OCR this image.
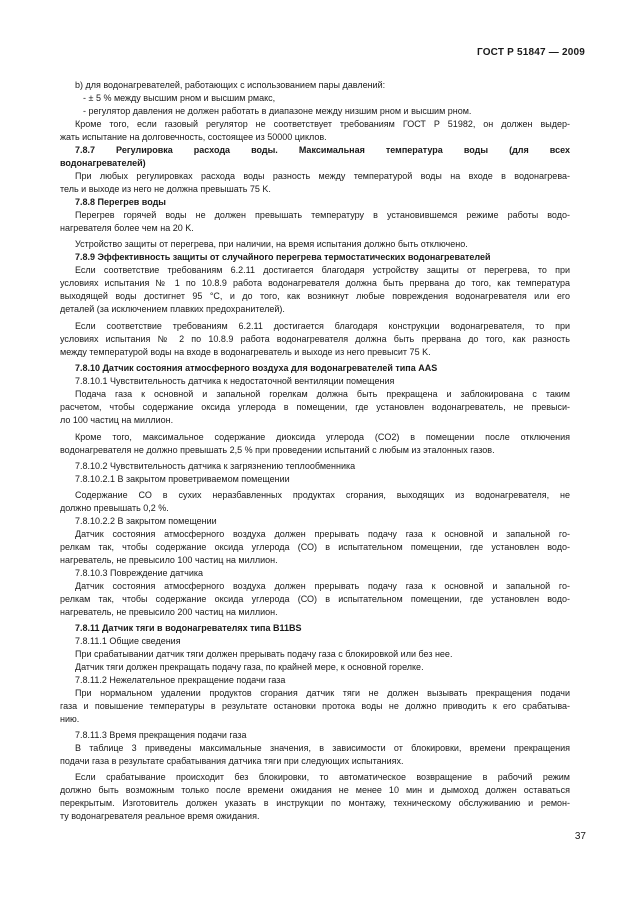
ГОСТ Р 51847 — 2009
b) для водонагревателей, работающих с использованием пары давлений:
- ± 5 % между высшим pном и высшим pмакс,
- регулятор давления не должен работать в диапазоне между низшим pном и высшим pном.
Кроме того, если газовый регулятор не соответствует требованиям ГОСТ Р 51982, он должен выдер-
жать испытание на долговечность, состоящее из 50000 циклов.
7.8.7 Регулировка расхода воды. Максимальная температура воды (для всех
водонагревателей)
При любых регулировках расхода воды разность между температурой воды на входе в водонагрева-
тель и выходе из него не должна превышать 75 K.
7.8.8 Перегрев воды
Перегрев горячей воды не должен превышать температуру в установившемся режиме работы водо-
нагревателя более чем на 20 K.
Устройство защиты от перегрева, при наличии, на время испытания должно быть отключено.
7.8.9 Эффективность защиты от случайного перегрева термостатических водонагревателей
Если соответствие требованиям 6.2.11 достигается благодаря устройству защиты от перегрева, то при
условиях испытания № 1 по 10.8.9 работа водонагревателя должна быть прервана до того, как температура
выходящей воды достигнет 95 °С, и до того, как возникнут любые повреждения водонагревателя или его
деталей (за исключением плавких предохранителей).
Если соответствие требованиям 6.2.11 достигается благодаря конструкции водонагревателя, то при
условиях испытания № 2 по 10.8.9 работа водонагревателя должна быть прервана до того, как разность
между температурой воды на входе в водонагреватель и выходе из него превысит 75 K.
7.8.10 Датчик состояния атмосферного воздуха для водонагревателей типа AAS
7.8.10.1 Чувствительность датчика к недостаточной вентиляции помещения
Подача газа к основной и запальной горелкам должна быть прекращена и заблокирована с таким
расчетом, чтобы содержание оксида углерода в помещении, где установлен водонагреватель, не превыси-
ло 100 частиц на миллион.
Кроме того, максимальное содержание диоксида углерода (CO2) в помещении после отключения
водонагревателя не должно превышать 2,5 % при проведении испытаний с любым из эталонных газов.
7.8.10.2 Чувствительность датчика к загрязнению теплообменника
7.8.10.2.1 В закрытом проветриваемом помещении
Содержание СО в сухих неразбавленных продуктах сгорания, выходящих из водонагревателя, не
должно превышать 0,2 %.
7.8.10.2.2 В закрытом помещении
Датчик состояния атмосферного воздуха должен прерывать подачу газа к основной и запальной го-
релкам так, чтобы содержание оксида углерода (СО) в испытательном помещении, где установлен водо-
нагреватель, не превысило 100 частиц на миллион.
7.8.10.3 Повреждение датчика
Датчик состояния атмосферного воздуха должен прерывать подачу газа к основной и запальной го-
релкам так, чтобы содержание оксида углерода (СО) в испытательном помещении, где установлен водо-
нагреватель, не превысило 200 частиц на миллион.
7.8.11 Датчик тяги в водонагревателях типа B11BS
7.8.11.1 Общие сведения
При срабатывании датчик тяги должен прерывать подачу газа с блокировкой или без нее.
Датчик тяги должен прекращать подачу газа, по крайней мере, к основной горелке.
7.8.11.2 Нежелательное прекращение подачи газа
При нормальном удалении продуктов сгорания датчик тяги не должен вызывать прекращения подачи
газа и повышение температуры в результате остановки протока воды не должно приводить к его срабатыва-
нию.
7.8.11.3 Время прекращения подачи газа
В таблице 3 приведены максимальные значения, в зависимости от блокировки, времени прекращения
подачи газа в результате срабатывания датчика тяги при следующих испытаниях.
Если срабатывание происходит без блокировки, то автоматическое возвращение в рабочий режим
должно быть возможным только после времени ожидания не менее 10 мин и дымоход должен оставаться
перекрытым. Изготовитель должен указать в инструкции по монтажу, техническому обслуживанию и ремон-
ту водонагревателя реальное время ожидания.
37
